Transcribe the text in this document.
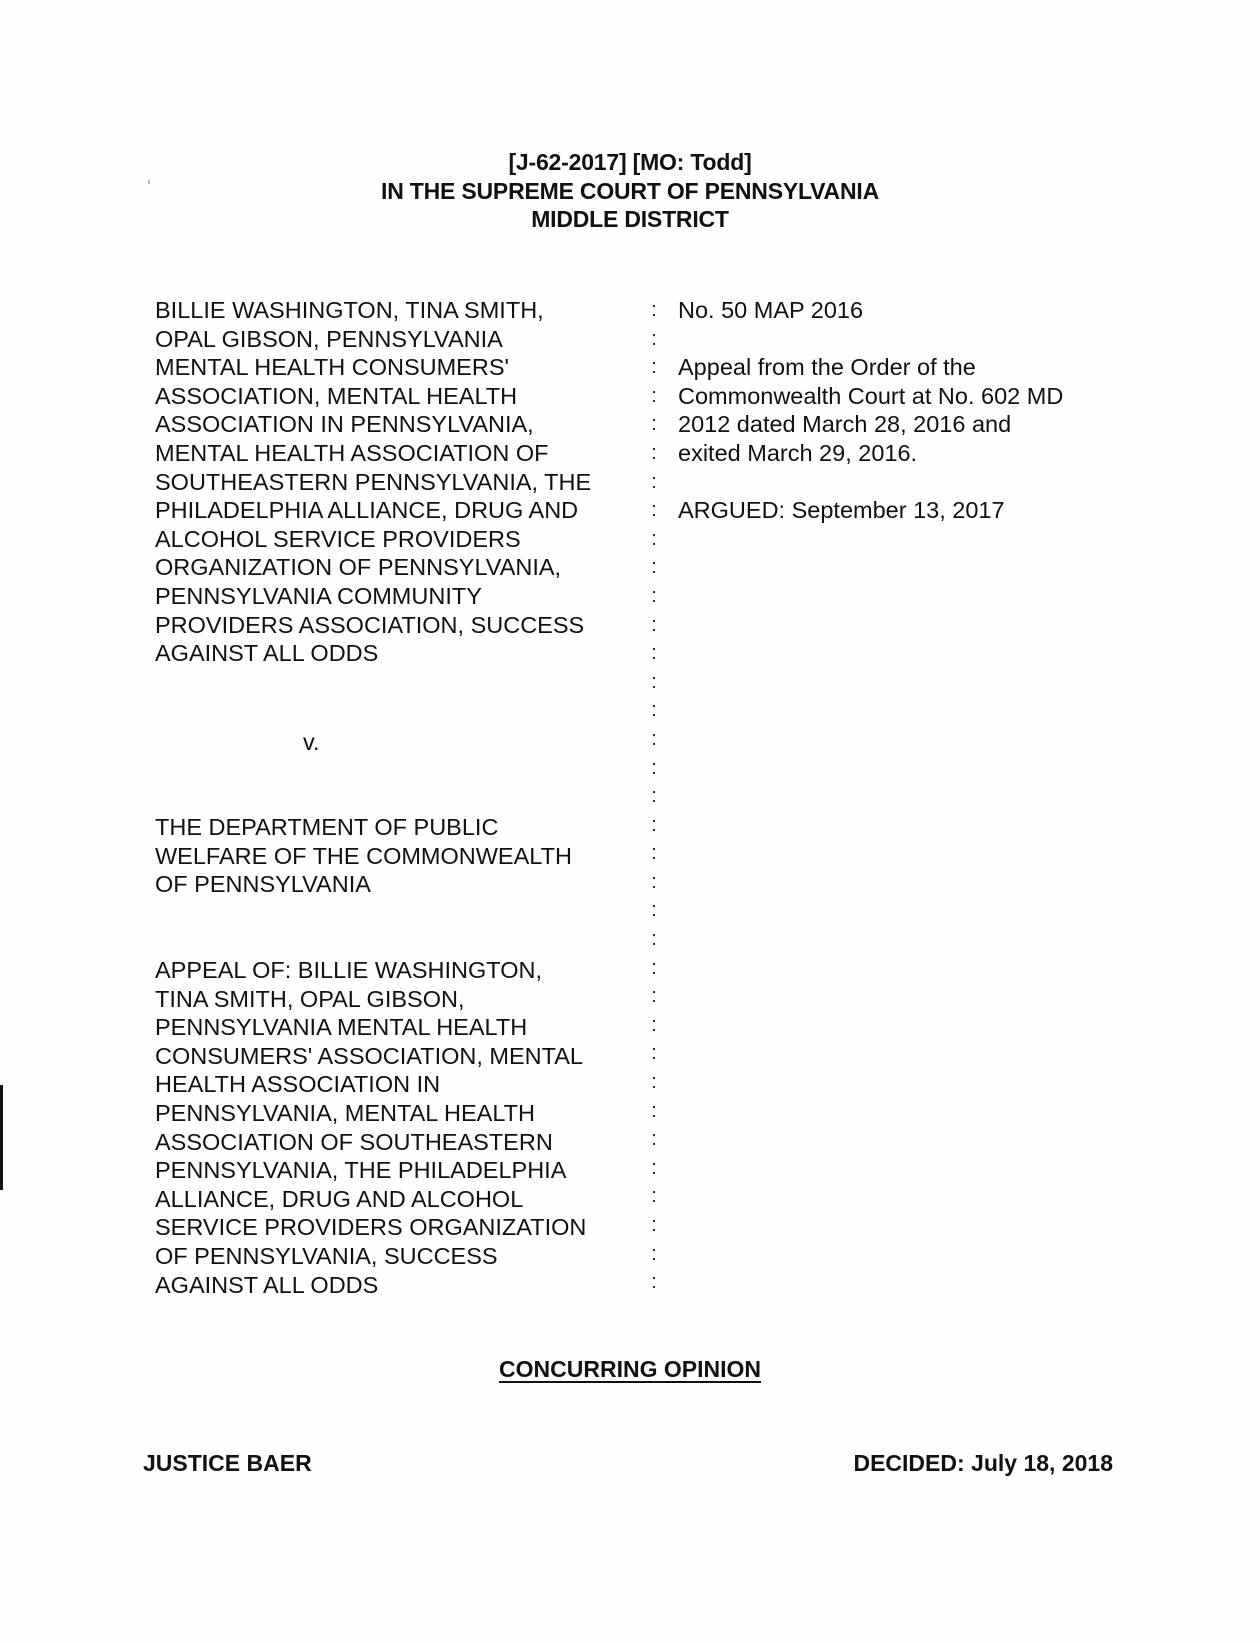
[J-62-2017] [MO: Todd]
IN THE SUPREME COURT OF PENNSYLVANIA
MIDDLE DISTRICT
BILLIE WASHINGTON, TINA SMITH,
OPAL GIBSON, PENNSYLVANIA
MENTAL HEALTH CONSUMERS'
ASSOCIATION, MENTAL HEALTH
ASSOCIATION IN PENNSYLVANIA,
MENTAL HEALTH ASSOCIATION OF
SOUTHEASTERN PENNSYLVANIA, THE
PHILADELPHIA ALLIANCE, DRUG AND
ALCOHOL SERVICE PROVIDERS
ORGANIZATION OF PENNSYLVANIA,
PENNSYLVANIA COMMUNITY
PROVIDERS ASSOCIATION, SUCCESS
AGAINST ALL ODDS
v.
THE DEPARTMENT OF PUBLIC
WELFARE OF THE COMMONWEALTH
OF PENNSYLVANIA
APPEAL OF: BILLIE WASHINGTON,
TINA SMITH, OPAL GIBSON,
PENNSYLVANIA MENTAL HEALTH
CONSUMERS' ASSOCIATION, MENTAL
HEALTH ASSOCIATION IN
PENNSYLVANIA, MENTAL HEALTH
ASSOCIATION OF SOUTHEASTERN
PENNSYLVANIA, THE PHILADELPHIA
ALLIANCE, DRUG AND ALCOHOL
SERVICE PROVIDERS ORGANIZATION
OF PENNSYLVANIA, SUCCESS
AGAINST ALL ODDS
:
:
:
:
:
:
:
:
:
:
:
:
:
:
:
:
:
:
:
:
:
:
:
:
:
:
:
:
:
:
:
:
:
:
:
No. 50 MAP 2016
Appeal from the Order of the
Commonwealth Court at No. 602 MD
2012 dated March 28, 2016 and
exited March 29, 2016.
ARGUED: September 13, 2017
CONCURRING OPINION
JUSTICE BAER	DECIDED: July 18, 2018
